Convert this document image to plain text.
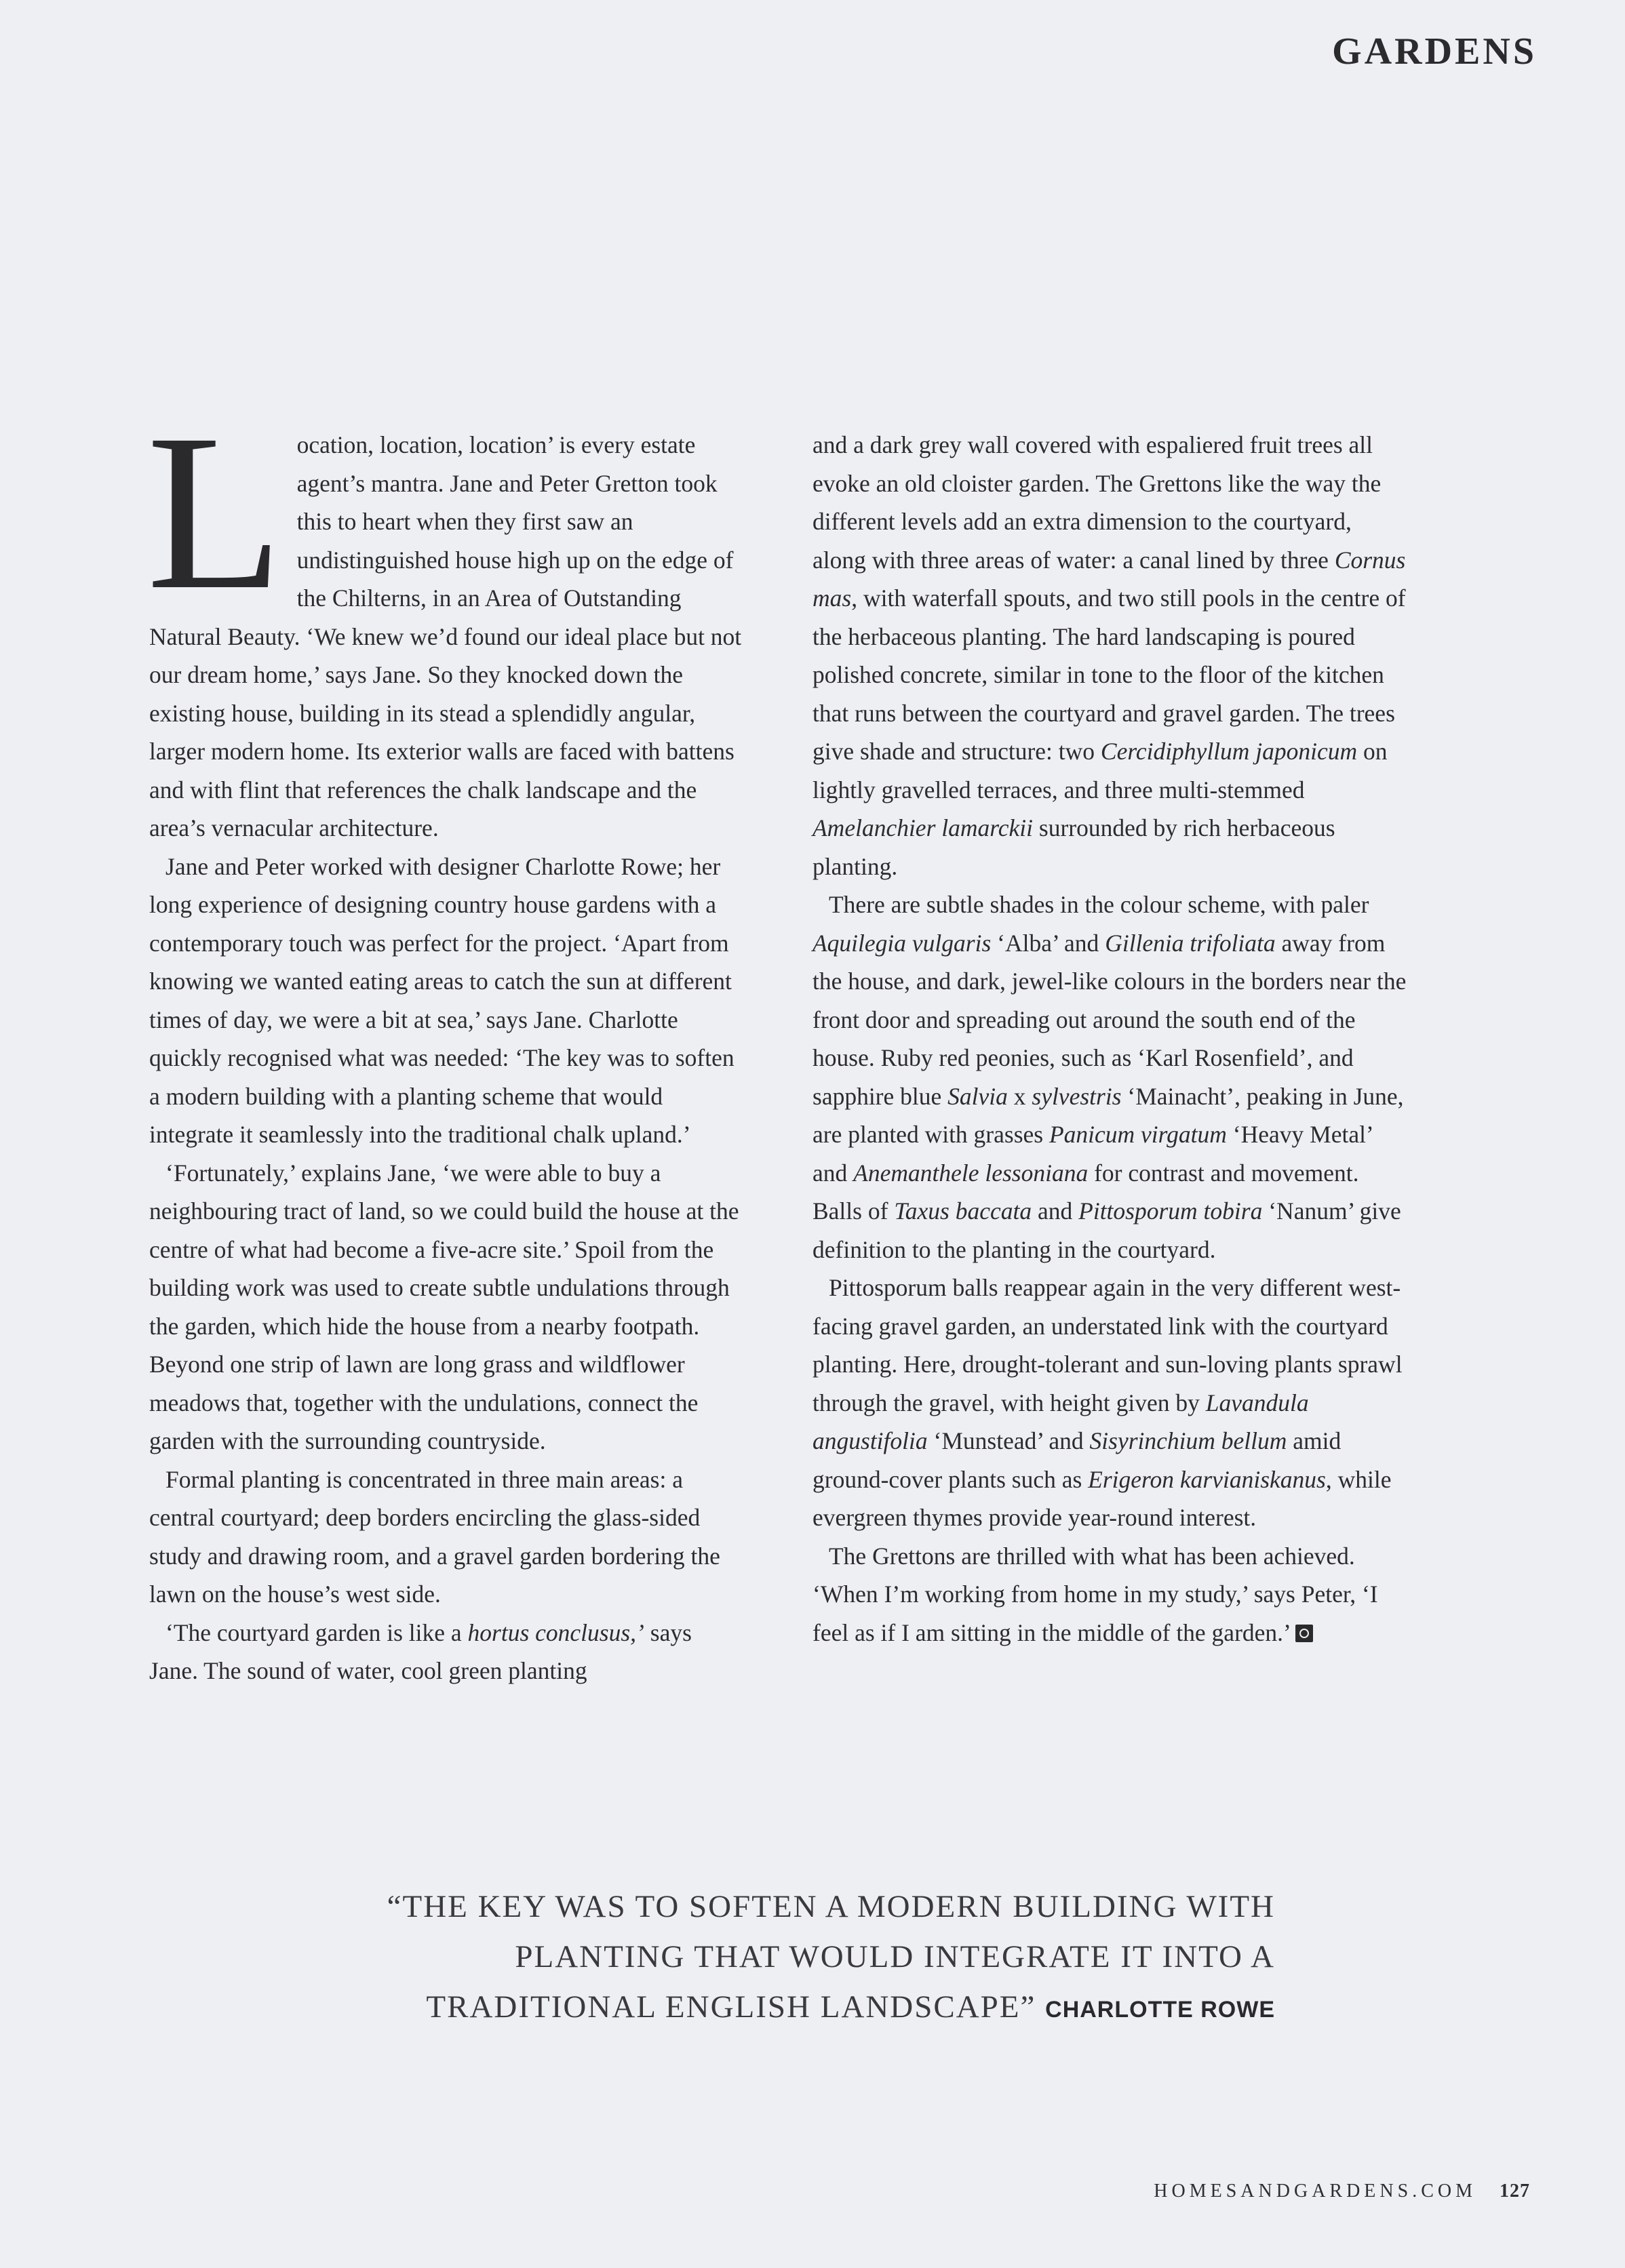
GARDENS

Location, location, location’ is every estate agent’s mantra. Jane and Peter Gretton took this to heart when they first saw an undistinguished house high up on the edge of the Chilterns, in an Area of Outstanding Natural Beauty. ‘We knew we’d found our ideal place but not our dream home,’ says Jane. So they knocked down the existing house, building in its stead a splendidly angular, larger modern home. Its exterior walls are faced with battens and with flint that references the chalk landscape and the area’s vernacular architecture.

Jane and Peter worked with designer Charlotte Rowe; her long experience of designing country house gardens with a contemporary touch was perfect for the project. ‘Apart from knowing we wanted eating areas to catch the sun at different times of day, we were a bit at sea,’ says Jane. Charlotte quickly recognised what was needed: ‘The key was to soften a modern building with a planting scheme that would integrate it seamlessly into the traditional chalk upland.’

‘Fortunately,’ explains Jane, ‘we were able to buy a neighbouring tract of land, so we could build the house at the centre of what had become a five-acre site.’ Spoil from the building work was used to create subtle undulations through the garden, which hide the house from a nearby footpath. Beyond one strip of lawn are long grass and wildflower meadows that, together with the undulations, connect the garden with the surrounding countryside.

Formal planting is concentrated in three main areas: a central courtyard; deep borders encircling the glass-sided study and drawing room, and a gravel garden bordering the lawn on the house’s west side.

‘The courtyard garden is like a hortus conclusus,’ says Jane. The sound of water, cool green planting

and a dark grey wall covered with espaliered fruit trees all evoke an old cloister garden. The Grettons like the way the different levels add an extra dimension to the courtyard, along with three areas of water: a canal lined by three Cornus mas, with waterfall spouts, and two still pools in the centre of the herbaceous planting. The hard landscaping is poured polished concrete, similar in tone to the floor of the kitchen that runs between the courtyard and gravel garden. The trees give shade and structure: two Cercidiphyllum japonicum on lightly gravelled terraces, and three multi-stemmed Amelanchier lamarckii surrounded by rich herbaceous planting.

There are subtle shades in the colour scheme, with paler Aquilegia vulgaris ‘Alba’ and Gillenia trifoliata away from the house, and dark, jewel-like colours in the borders near the front door and spreading out around the south end of the house. Ruby red peonies, such as ‘Karl Rosenfield’, and sapphire blue Salvia x sylvestris ‘Mainacht’, peaking in June, are planted with grasses Panicum virgatum ‘Heavy Metal’ and Anemanthele lessoniana for contrast and movement. Balls of Taxus baccata and Pittosporum tobira ‘Nanum’ give definition to the planting in the courtyard.

Pittosporum balls reappear again in the very different west-facing gravel garden, an understated link with the courtyard planting. Here, drought-tolerant and sun-loving plants sprawl through the gravel, with height given by Lavandula angustifolia ‘Munstead’ and Sisyrinchium bellum amid ground-cover plants such as Erigeron karvianiskanus, while evergreen thymes provide year-round interest.

The Grettons are thrilled with what has been achieved. ‘When I’m working from home in my study,’ says Peter, ‘I feel as if I am sitting in the middle of the garden.’

“THE KEY WAS TO SOFTEN A MODERN BUILDING WITH PLANTING THAT WOULD INTEGRATE IT INTO A TRADITIONAL ENGLISH LANDSCAPE” CHARLOTTE ROWE

HOMESANDGARDENS.COM 127
